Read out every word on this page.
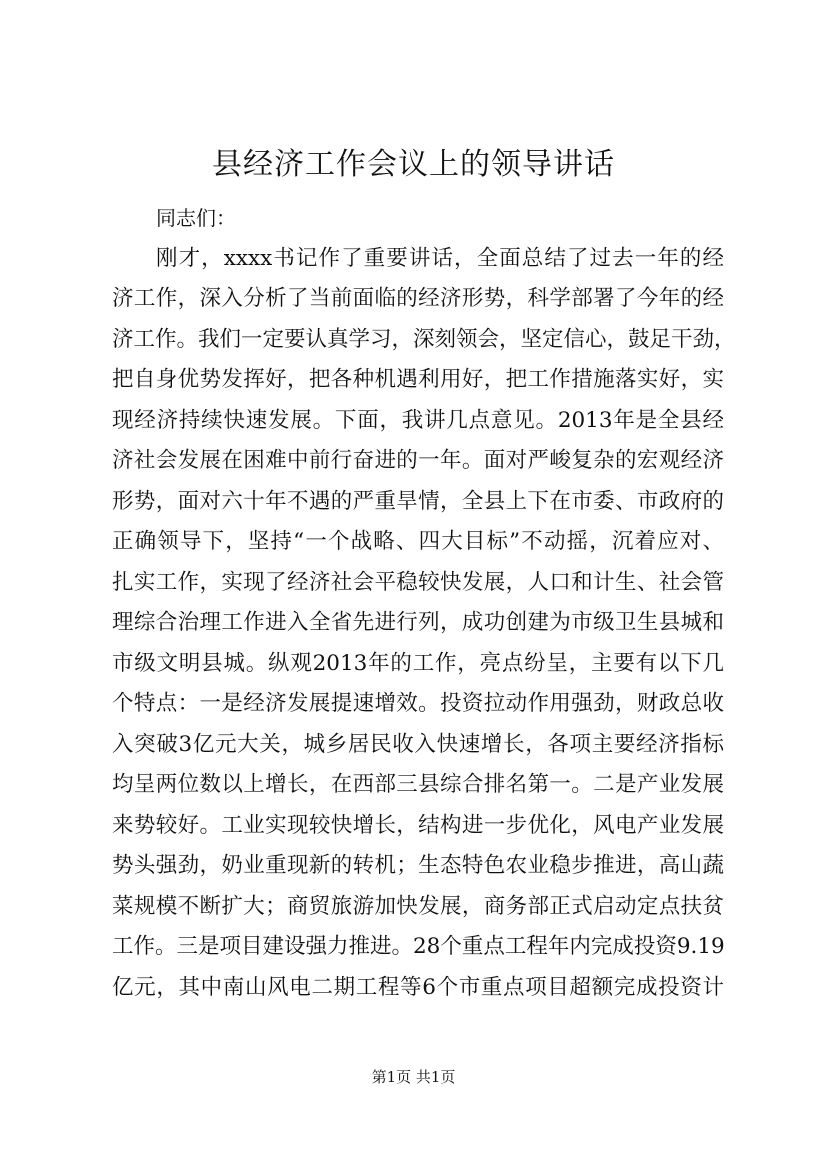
县经济工作会议上的领导讲话
同志们：
刚才，xxxx书记作了重要讲话，全面总结了过去一年的经
济工作，深入分析了当前面临的经济形势，科学部署了今年的经
济工作。我们一定要认真学习，深刻领会，坚定信心，鼓足干劲，
把自身优势发挥好，把各种机遇利用好，把工作措施落实好，实
现经济持续快速发展。下面，我讲几点意见。2013年是全县经
济社会发展在困难中前行奋进的一年。面对严峻复杂的宏观经济
形势，面对六十年不遇的严重旱情，全县上下在市委、市政府的
正确领导下，坚持“一个战略、四大目标”不动摇，沉着应对、
扎实工作，实现了经济社会平稳较快发展，人口和计生、社会管
理综合治理工作进入全省先进行列，成功创建为市级卫生县城和
市级文明县城。纵观2013年的工作，亮点纷呈，主要有以下几
个特点：一是经济发展提速增效。投资拉动作用强劲，财政总收
入突破3亿元大关，城乡居民收入快速增长，各项主要经济指标
均呈两位数以上增长，在西部三县综合排名第一。二是产业发展
来势较好。工业实现较快增长，结构进一步优化，风电产业发展
势头强劲，奶业重现新的转机；生态特色农业稳步推进，高山蔬
菜规模不断扩大；商贸旅游加快发展，商务部正式启动定点扶贫
工作。三是项目建设强力推进。28个重点工程年内完成投资9.19
亿元，其中南山风电二期工程等6个市重点项目超额完成投资计
第1页 共1页
